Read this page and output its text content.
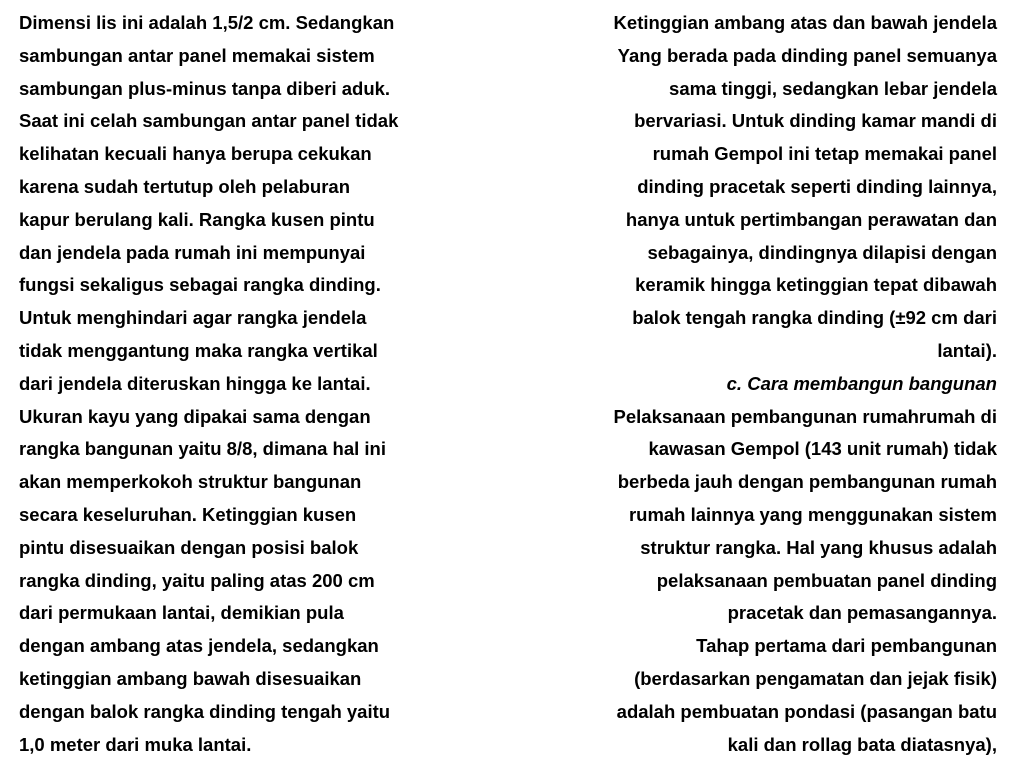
Dimensi lis ini adalah 1,5/2 cm. Sedangkan
sambungan antar panel memakai sistem
sambungan plus-minus tanpa diberi aduk.
Saat ini celah sambungan antar panel tidak
kelihatan kecuali hanya berupa cekukan
karena sudah tertutup oleh pelaburan
kapur berulang kali. Rangka kusen pintu
dan jendela pada rumah ini mempunyai
fungsi sekaligus sebagai rangka dinding.
Untuk menghindari agar rangka jendela
tidak menggantung maka rangka vertikal
dari jendela diteruskan hingga ke lantai.
Ukuran kayu yang dipakai sama dengan
rangka bangunan yaitu 8/8, dimana hal ini
akan memperkokoh struktur bangunan
secara keseluruhan. Ketinggian kusen
pintu disesuaikan dengan posisi balok
rangka dinding, yaitu paling atas 200 cm
dari permukaan lantai, demikian pula
dengan ambang atas jendela, sedangkan
ketinggian ambang bawah disesuaikan
dengan balok rangka dinding tengah yaitu
1,0 meter dari muka lantai.
Ketinggian ambang atas dan bawah jendela
Yang berada pada dinding panel semuanya
sama tinggi, sedangkan lebar jendela
bervariasi. Untuk dinding kamar mandi di
rumah Gempol ini tetap memakai panel
dinding pracetak seperti dinding lainnya,
hanya untuk pertimbangan perawatan dan
sebagainya, dindingnya dilapisi dengan
keramik hingga ketinggian tepat dibawah
balok tengah rangka dinding (±92 cm dari
lantai).
c. Cara membangun bangunan
Pelaksanaan pembangunan rumahrumah di
kawasan Gempol (143 unit rumah) tidak
berbeda jauh dengan pembangunan rumah
rumah lainnya yang menggunakan sistem
struktur rangka. Hal yang khusus adalah
pelaksanaan pembuatan panel dinding
pracetak dan pemasangannya.
Tahap pertama dari pembangunan
(berdasarkan pengamatan dan jejak fisik)
adalah pembuatan pondasi (pasangan batu
kali dan rollag bata diatasnya),
